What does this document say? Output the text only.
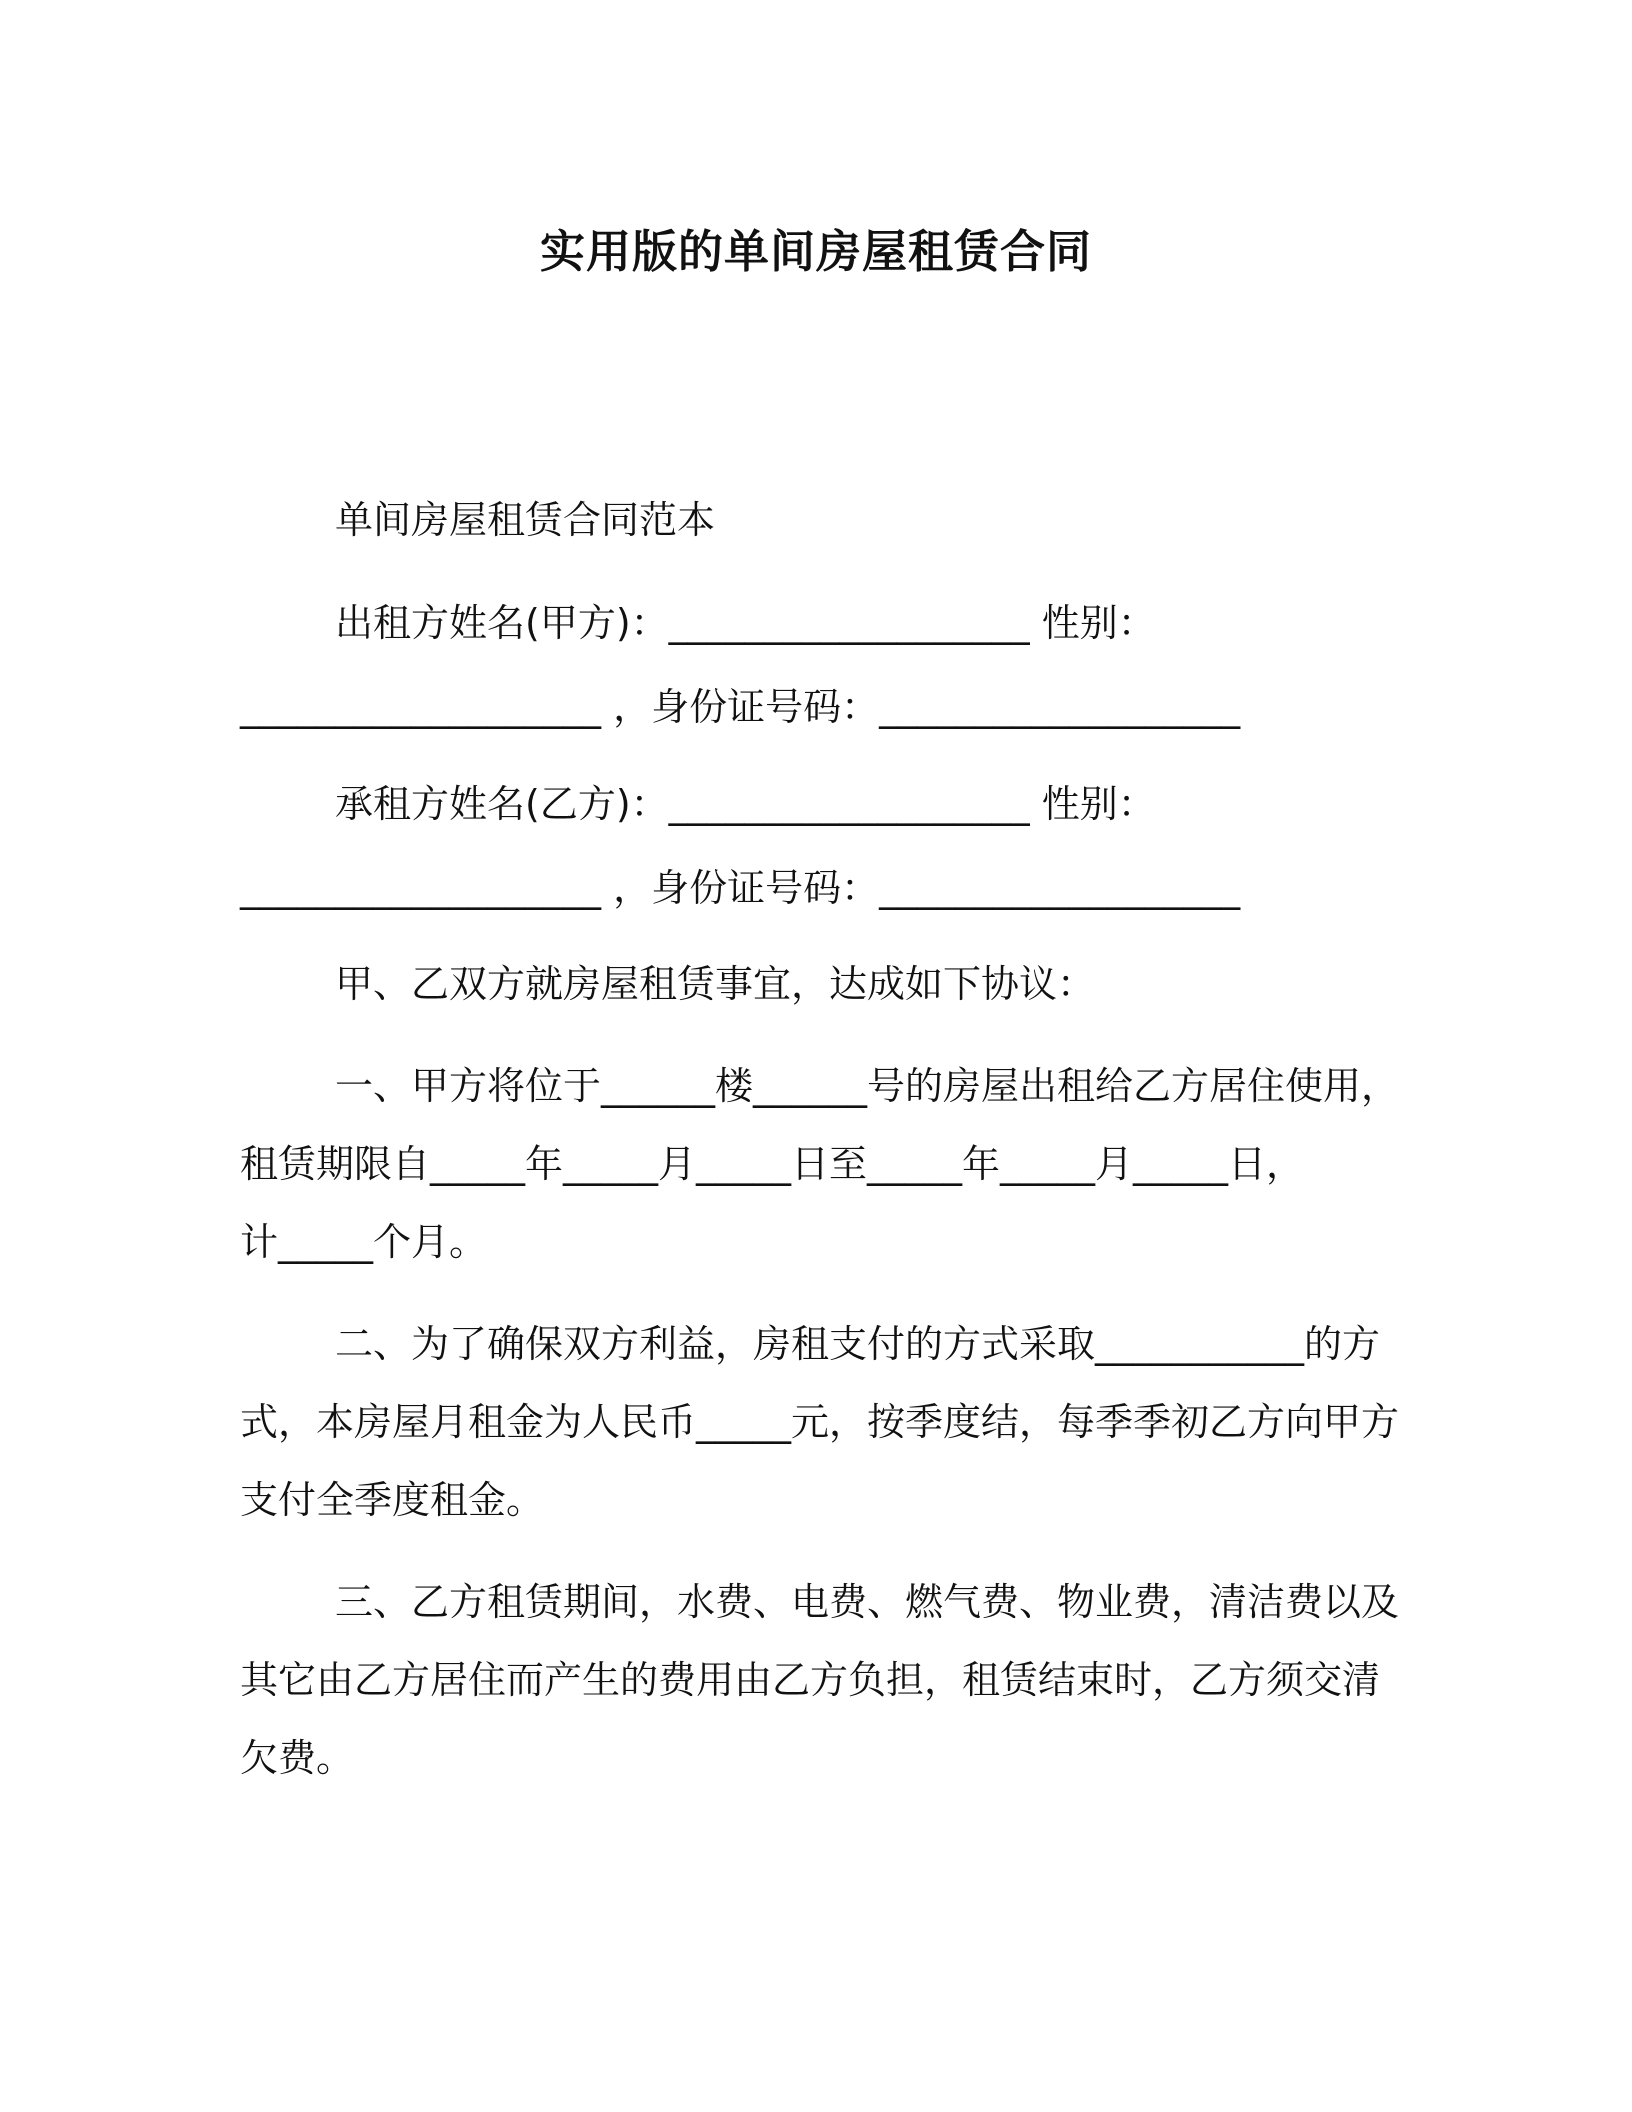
实用版的单间房屋租赁合同
单间房屋租赁合同范本
出租方姓名(甲方)：___________________ 性别：
___________________ ，身份证号码：___________________
承租方姓名(乙方)：___________________ 性别：
___________________ ，身份证号码：___________________
甲、乙双方就房屋租赁事宜，达成如下协议：
一、甲方将位于______楼______号的房屋出租给乙方居住使用，
租赁期限自_____年_____月_____日至_____年_____月_____日，
计_____个月。
二、为了确保双方利益，房租支付的方式采取___________的方
式，本房屋月租金为人民币_____元，按季度结，每季季初乙方向甲方
支付全季度租金。
三、乙方租赁期间，水费、电费、燃气费、物业费，清洁费以及
其它由乙方居住而产生的费用由乙方负担，租赁结束时，乙方须交清
欠费。
